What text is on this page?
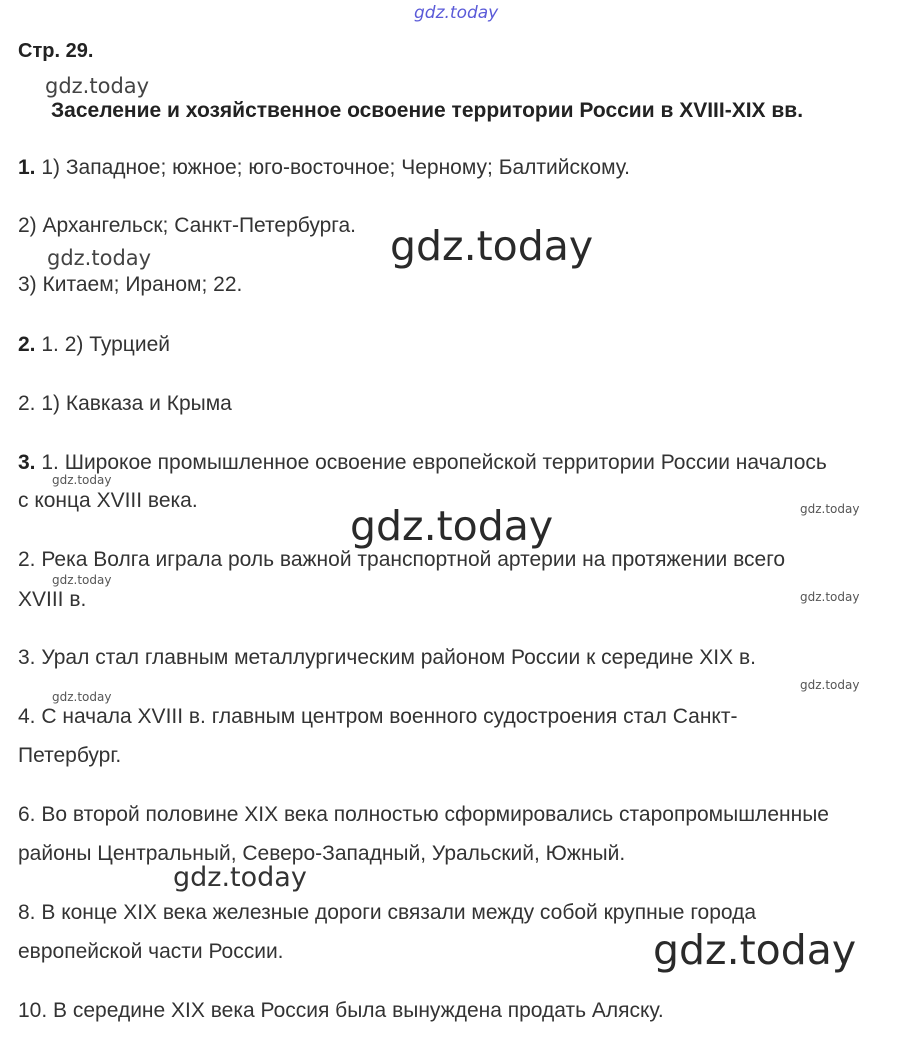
gdz.today
gdz.today
gdz.today
gdz.today
gdz.today
gdz.today	gdz.today
gdz.today
gdz.today
gdz.today
gdz.today
gdz.today
gdz.today
Стр. 29.
Заселение и хозяйственное освоение территории России в XVIII-XIX вв.
1. 1) Западное; южное; юго-восточное; Черному; Балтийскому.
2) Архангельск; Санкт-Петербурга.
3) Китаем; Ираном; 22.
2. 1. 2) Турцией
2. 1) Кавказа и Крыма
3. 1. Широкое промышленное освоение европейской территории России началось
с конца XVIII века.
2. Река Волга играла роль важной транспортной артерии на протяжении всего
XVIII в.
3. Урал стал главным металлургическим районом России к середине XIX в.
4. С начала XVIII в. главным центром военного судостроения стал Санкт-
Петербург.
6. Во второй половине XIX века полностью сформировались старопромышленные
районы Центральный, Северо-Западный, Уральский, Южный.
8. В конце XIX века железные дороги связали между собой крупные города
европейской части России.
10. В середине XIX века Россия была вынуждена продать Аляску.
